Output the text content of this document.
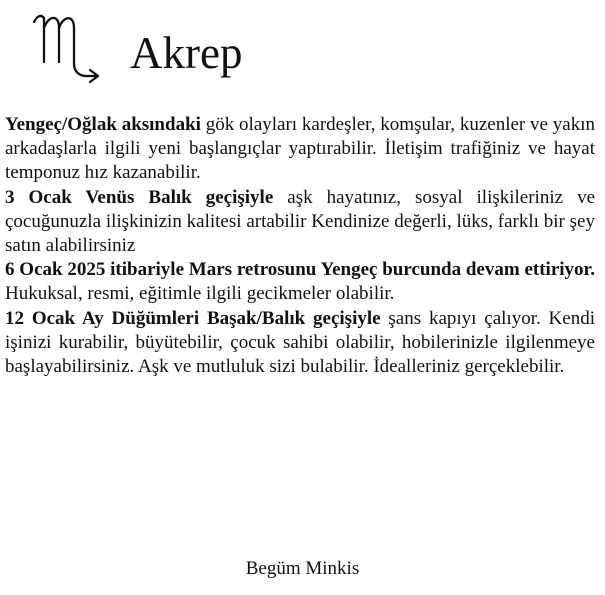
Akrep

Yengeç/Oğlak aksındaki gök olayları kardeşler, komşular, kuzenler ve yakın arkadaşlarla ilgili yeni başlangıçlar yaptırabilir. İletişim trafiğiniz ve hayat temponuz hız kazanabilir.

3 Ocak Venüs Balık geçişiyle aşk hayatınız, sosyal ilişkileriniz ve çocuğunuzla ilişkinizin kalitesi artabilir Kendinize değerli, lüks, farklı bir şey satın alabilirsiniz

6 Ocak 2025 itibariyle Mars retrosunu Yengeç burcunda devam ettiriyor. Hukuksal, resmi, eğitimle ilgili gecikmeler olabilir.

12 Ocak Ay Düğümleri Başak/Balık geçişiyle şans kapıyı çalıyor. Kendi işinizi kurabilir, büyütebilir, çocuk sahibi olabilir, hobilerinizle ilgilenmeye başlayabilirsiniz. Aşk ve mutluluk sizi bulabilir. İdealleriniz gerçeklebilir.

Begüm Minkis
